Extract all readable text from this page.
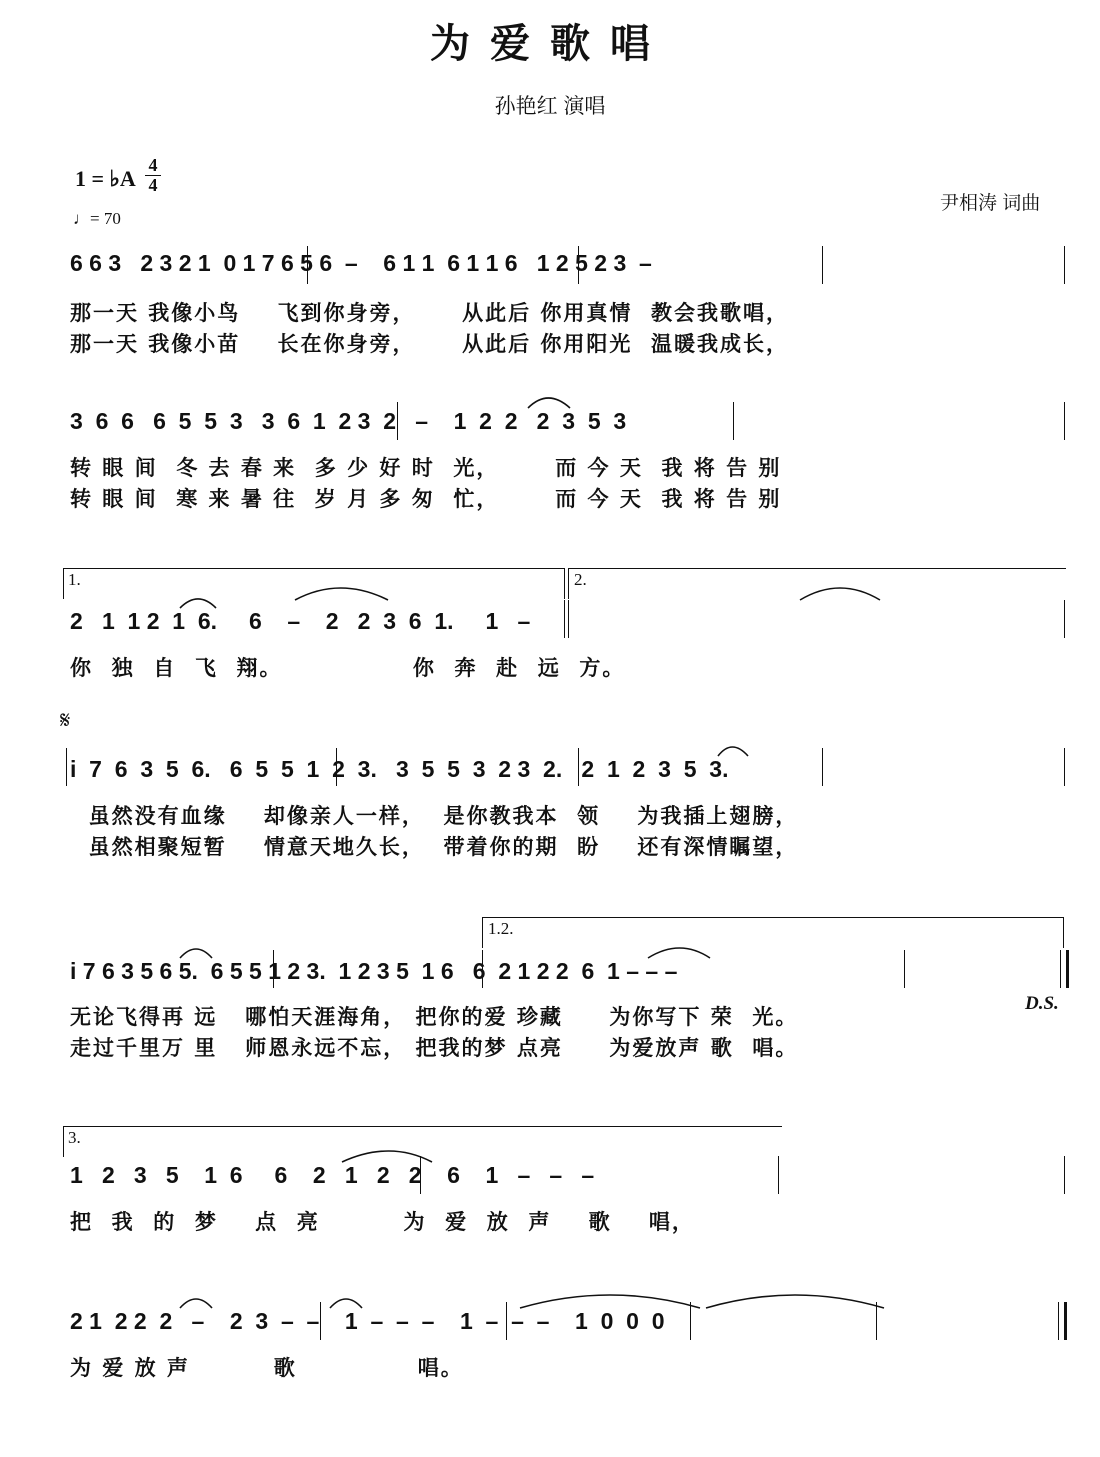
为爱歌唱
孙艳红 演唱
1 = ♭A
4
4
♩= 70
尹相涛 词曲
6 6 3   2 3 2 1  0 1 7 6 5 6  –    6 1 1  6 1 1 6   1 2 5 2 3  –
那一天 我像小鸟    飞到你身旁，     从此后 你用真情  教会我歌唱，
那一天 我像小苗    长在你身旁，     从此后 你用阳光  温暖我成长，
3  6  6   6  5  5  3   3  6  1  2 3  2   –    1  2  2   2  3  5  3
转 眼 间  冬 去 春 来  多 少 好 时  光，      而 今 天  我 将 告 别
转 眼 间  寒 来 暑 往  岁 月 多 匆  忙，      而 今 天  我 将 告 别
1.	2.
2   1  1 2  1  6.     6    –    2   2  3  6  1.     1   –
你  独  自  飞  翔。              你  奔  赴  远  方。
𝄋
i  7  6  3  5  6.   6  5  5  1  2  3.   3  5  5  3  2 3  2.   2  1  2  3  5  3.
虽然没有血缘    却像亲人一样，  是你教我本  领    为我插上翅膀，
虽然相聚短暂    情意天地久长，  带着你的期  盼    还有深情瞩望，
1.2.
i 7 6 3 5 6 5.  6 5 5 1 2 3.  1 2 3 5  1 6   6  2 1 2 2  6  1 – – –
无论飞得再 远   哪怕天涯海角， 把你的爱 珍藏     为你写下 荣  光。
走过千里万 里   师恩永远不忘， 把我的梦 点亮     为爱放声 歌  唱。
D.S.
3.
1   2   3   5    1  6     6    2   1   2   2    6    1   –   –   –
把  我  的  梦    点  亮         为  爱  放  声    歌    唱，
2 1  2 2  2   –    2  3  –  –    1  –  –  –    1  –  –  –    1  0  0  0
为 爱 放 声         歌             唱。
